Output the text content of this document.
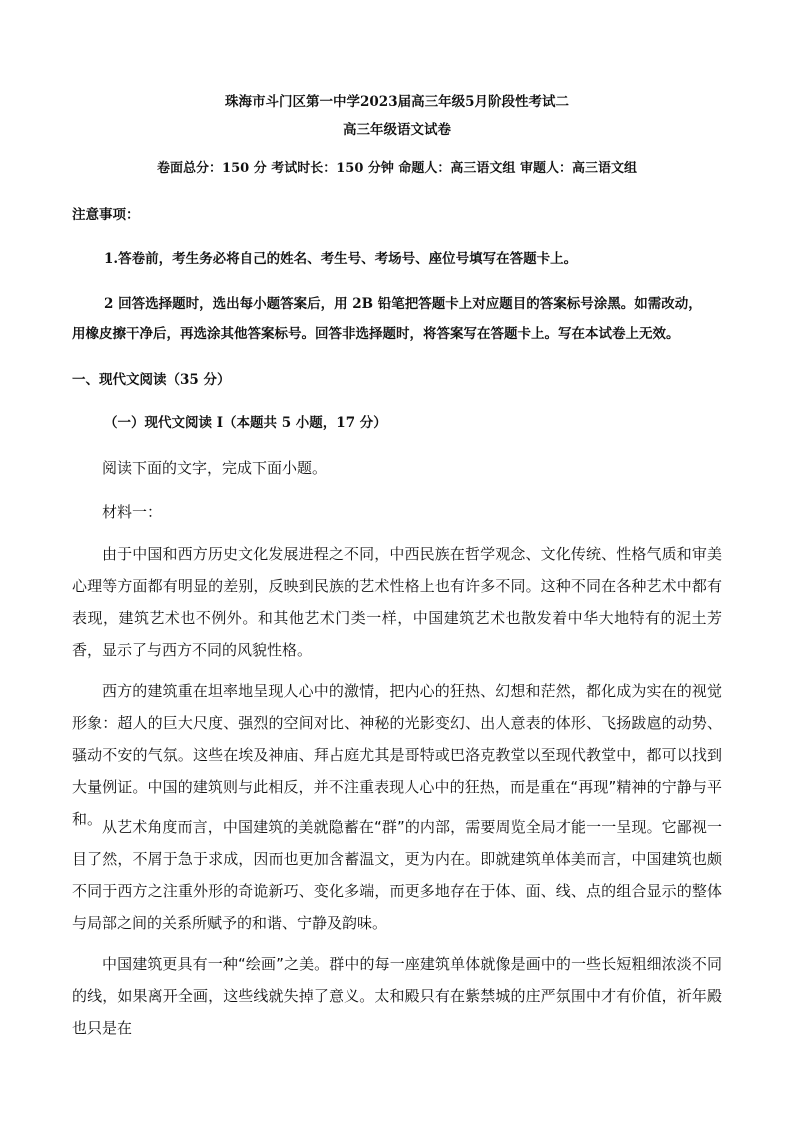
珠海市斗门区第一中学2023届高三年级5月阶段性考试二
高三年级语文试卷
卷面总分：150 分 考试时长：150 分钟 命题人：高三语文组 审题人：高三语文组
注意事项：
1.答卷前，考生务必将自己的姓名、考生号、考场号、座位号填写在答题卡上。
2 回答选择题时，选出每小题答案后，用 2B 铅笔把答题卡上对应题目的答案标号涂黑。如需改动，
用橡皮擦干净后，再选涂其他答案标号。回答非选择题时，将答案写在答题卡上。写在本试卷上无效。
一、现代文阅读（35 分）
（一）现代文阅读 Ⅰ（本题共 5 小题，17 分）
阅读下面的文字，完成下面小题。
材料一：

由于中国和西方历史文化发展进程之不同，中西民族在哲学观念、文化传统、性格气质和审美心理等方面都有明显的差别，反映到民族的艺术性格上也有许多不同。这种不同在各种艺术中都有表现，建筑艺术也不例外。和其他艺术门类一样，中国建筑艺术也散发着中华大地特有的泥土芳香，显示了与西方不同的风貌性格。

西方的建筑重在坦率地呈现人心中的激情，把内心的狂热、幻想和茫然，都化成为实在的视觉形象：超人的巨大尺度、强烈的空间对比、神秘的光影变幻、出人意表的体形、飞扬跋扈的动势、骚动不安的气氛。这些在埃及神庙、拜占庭尤其是哥特或巴洛克教堂以至现代教堂中，都可以找到大量例证。中国的建筑则与此相反，并不注重表现人心中的狂热，而是重在“再现”精神的宁静与平和。 从艺术角度而言，中国建筑的美就隐蓄在“群”的内部，需要周览全局才能一一呈现。它鄙视一目了然，不屑于急于求成，因而也更加含蓄温文，更为内在。即就建筑单体美而言，中国建筑也颇不同于西方之注重外形的奇诡新巧、变化多端，而更多地存在于体、面、线、点的组合显示的整体与局部之间的关系所赋予的和谐、宁静及韵味。

中国建筑更具有一种“绘画”之美。群中的每一座建筑单体就像是画中的一些长短粗细浓淡不同的线，如果离开全画，这些线就失掉了意义。太和殿只有在紫禁城的庄严氛围中才有价值，祈年殿也只是在
